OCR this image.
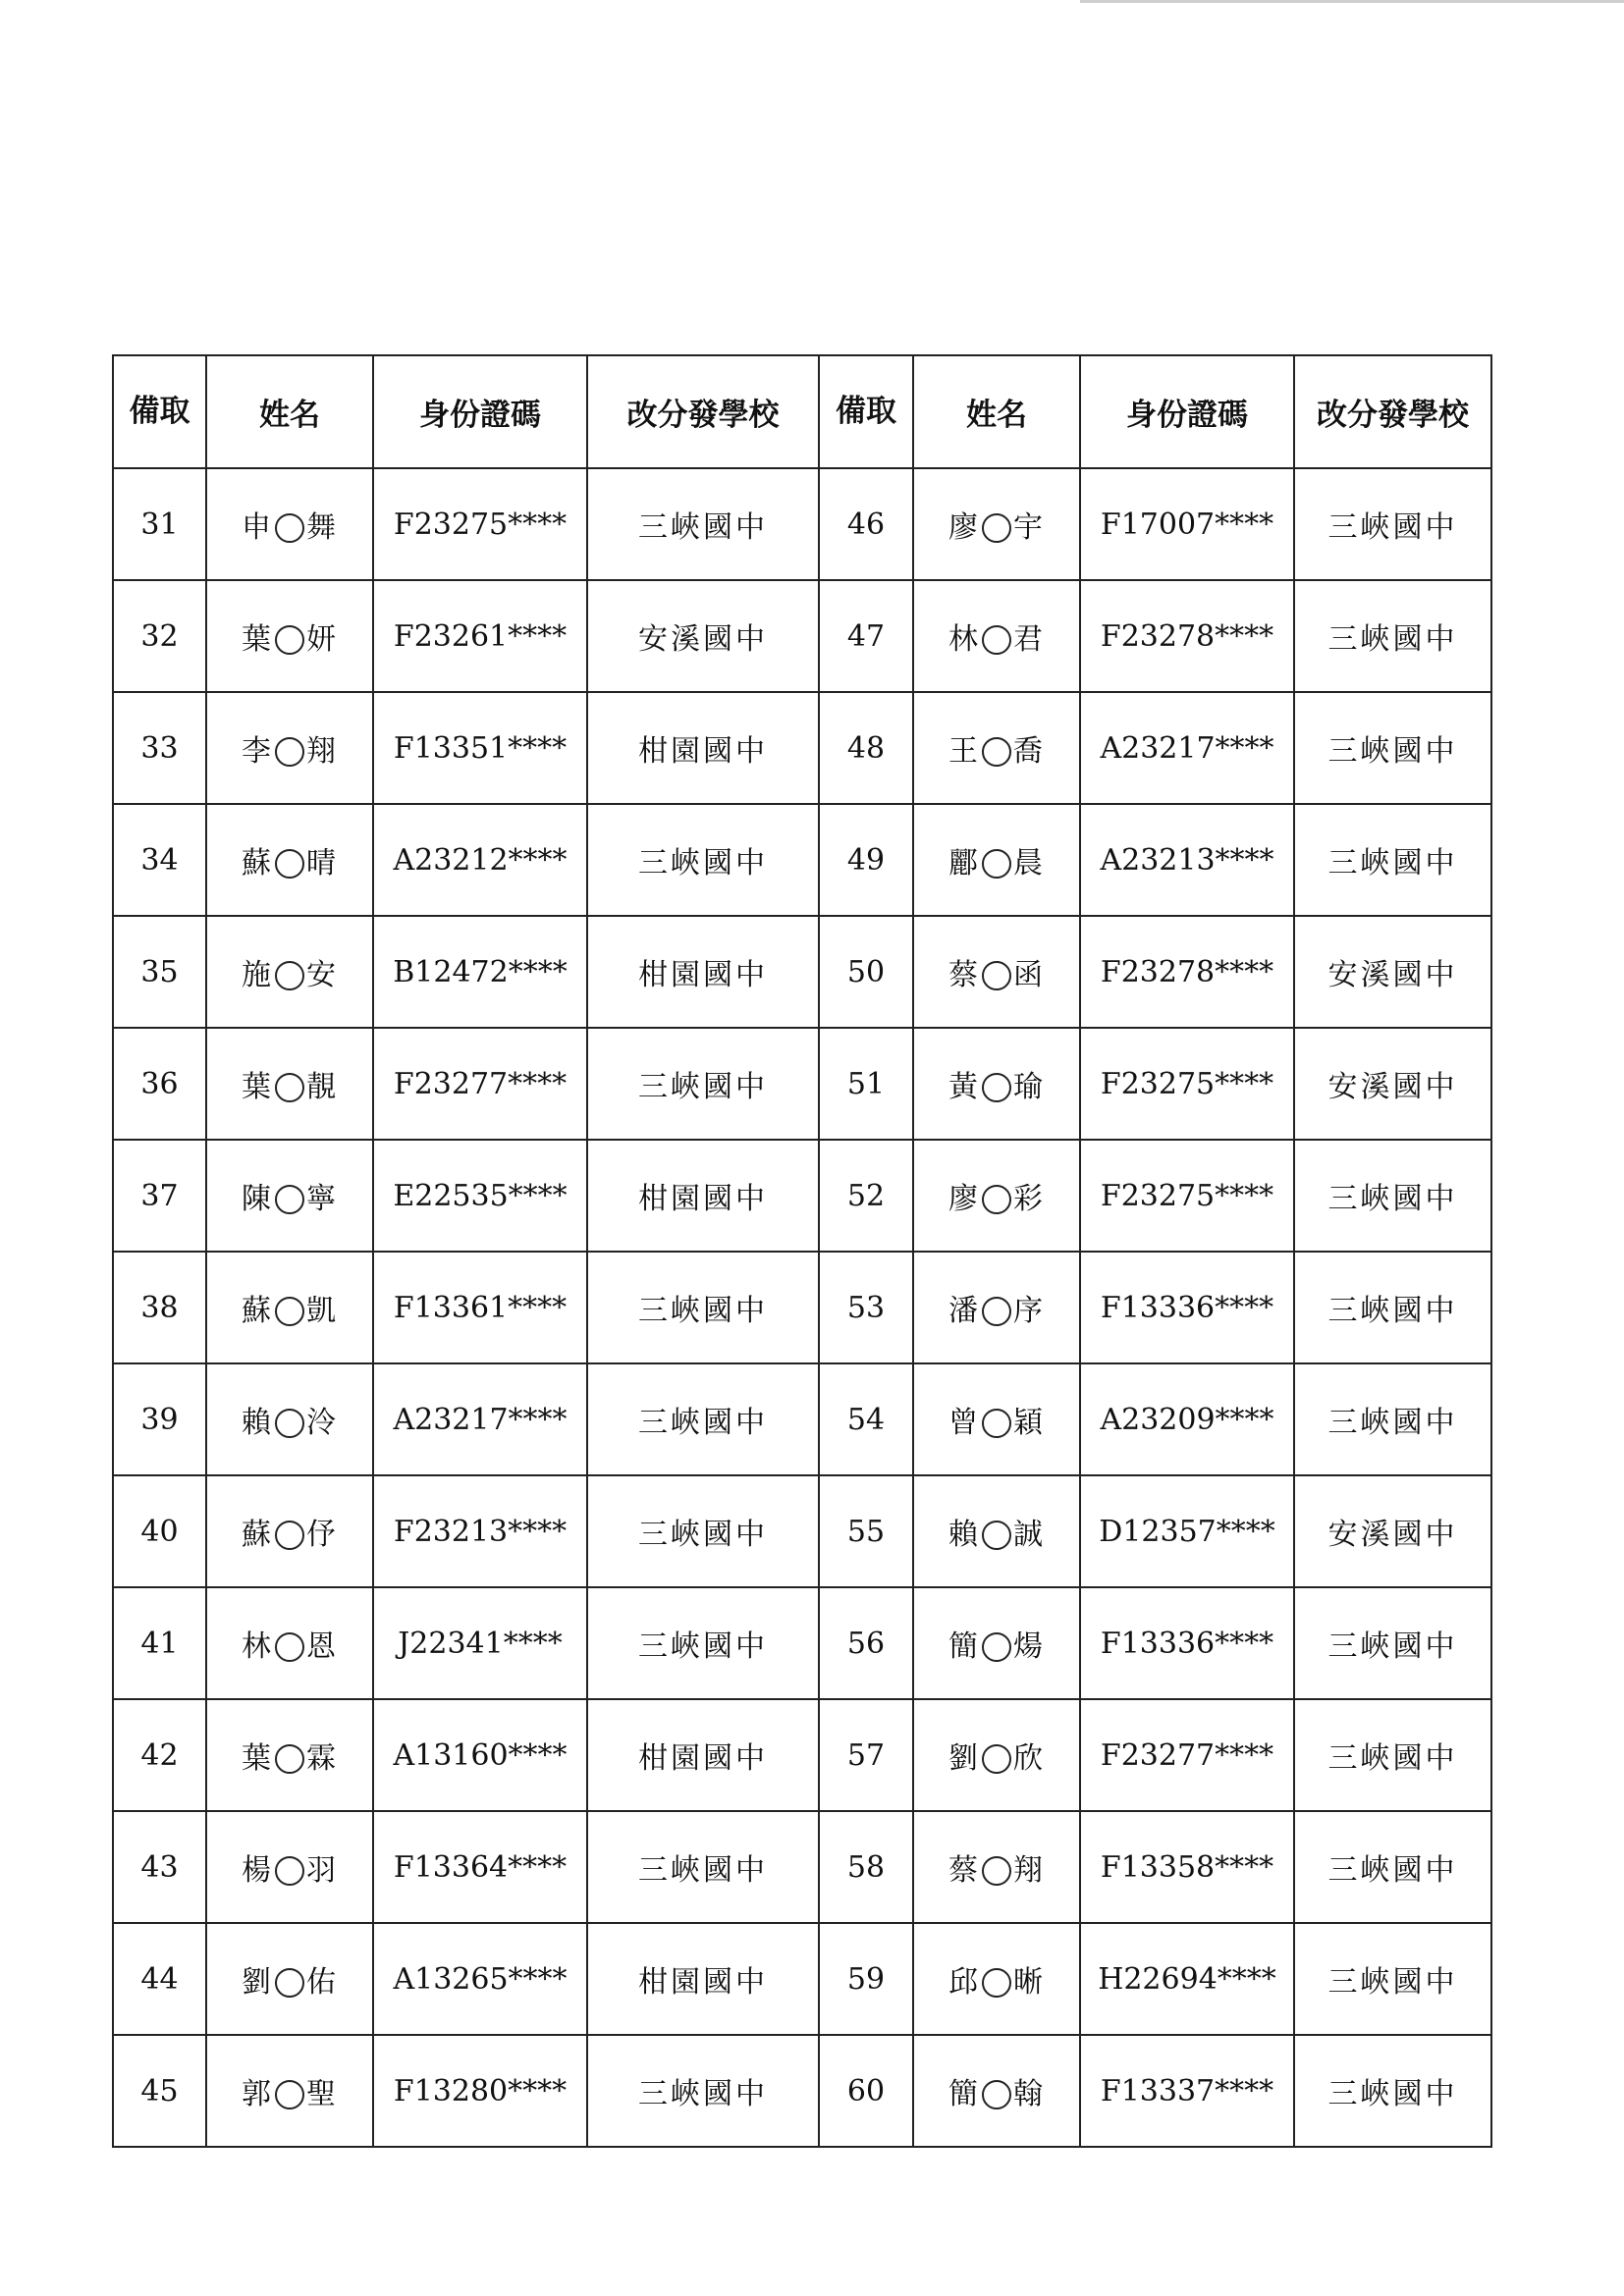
備取	姓名	身份證碼	改分發學校	備取	姓名	身份證碼	改分發學校
31	申 舞	F23275****	三峽國中	46	廖 宇	F17007****	三峽國中
32	葉 妍	F23261****	安溪國中	47	林 君	F23278****	三峽國中
33	李 翔	F13351****	柑園國中	48	王 喬	A23217****	三峽國中
34	蘇 晴	A23212****	三峽國中	49	酈 晨	A23213****	三峽國中
35	施 安	B12472****	柑園國中	50	蔡 函	F23278****	安溪國中
36	葉 靚	F23277****	三峽國中	51	黃 瑜	F23275****	安溪國中
37	陳 寧	E22535****	柑園國中	52	廖 彩	F23275****	三峽國中
38	蘇 凱	F13361****	三峽國中	53	潘 序	F13336****	三峽國中
39	賴 泠	A23217****	三峽國中	54	曾 穎	A23209****	三峽國中
40	蘇 伃	F23213****	三峽國中	55	賴 誠	D12357****	安溪國中
41	林 恩	J22341****	三峽國中	56	簡 煬	F13336****	三峽國中
42	葉 霖	A13160****	柑園國中	57	劉 欣	F23277****	三峽國中
43	楊 羽	F13364****	三峽國中	58	蔡 翔	F13358****	三峽國中
44	劉 佑	A13265****	柑園國中	59	邱 晰	H22694****	三峽國中
45	郭 聖	F13280****	三峽國中	60	簡 翰	F13337****	三峽國中
